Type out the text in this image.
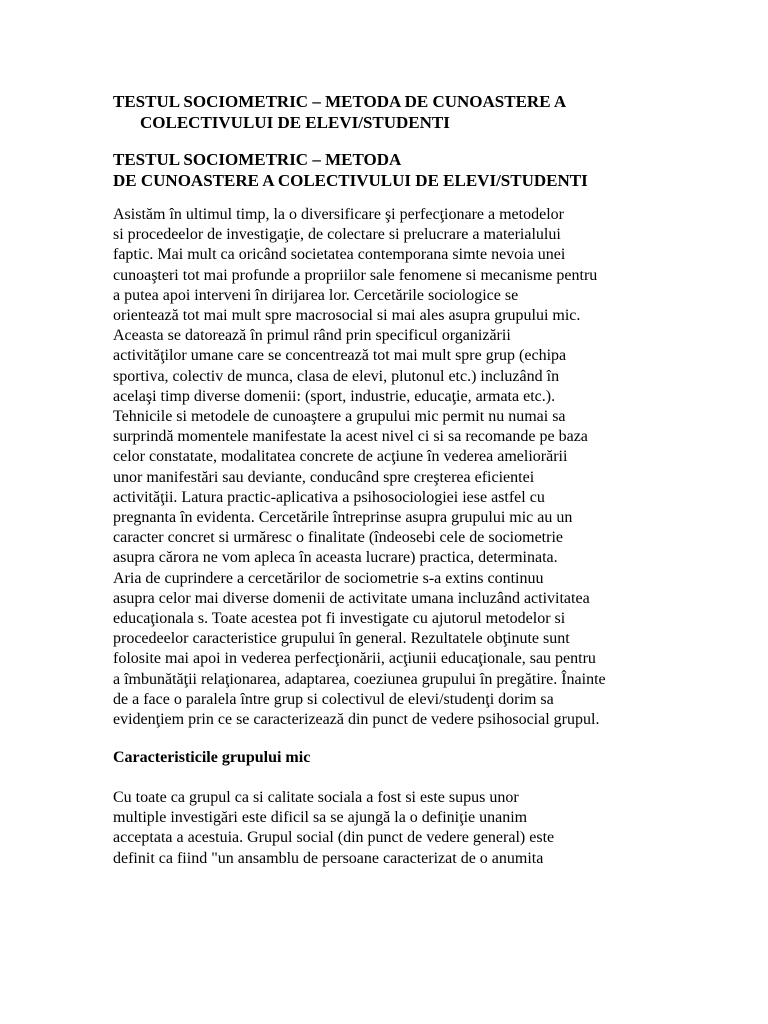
TESTUL SOCIOMETRIC – METODA DE CUNOASTERE A
COLECTIVULUI DE ELEVI/STUDENTI
TESTUL SOCIOMETRIC – METODA
DE CUNOASTERE A COLECTIVULUI DE ELEVI/STUDENTI

Asistăm în ultimul timp, la o diversificare şi perfecţionare a metodelor
si procedeelor de investigaţie, de colectare si prelucrare a materialului
faptic. Mai mult ca oricând societatea contemporana simte nevoia unei
cunoaşteri tot mai profunde a propriilor sale fenomene si mecanisme pentru
a putea apoi interveni în dirijarea lor. Cercetările sociologice se
orientează tot mai mult spre macrosocial si mai ales asupra grupului mic.
Aceasta se datorează în primul rând prin specificul organizării
activităţilor umane care se concentrează tot mai mult spre grup (echipa
sportiva, colectiv de munca, clasa de elevi, plutonul etc.) incluzând în
acelaşi timp diverse domenii: (sport, industrie, educaţie, armata etc.).
Tehnicile si metodele de cunoaştere a grupului mic permit nu numai sa
surprindă momentele manifestate la acest nivel ci si sa recomande pe baza
celor constatate, modalitatea concrete de acţiune în vederea ameliorării
unor manifestări sau deviante, conducând spre creşterea eficientei
activităţii. Latura practic-aplicativa a psihosociologiei iese astfel cu
pregnanta în evidenta. Cercetările întreprinse asupra grupului mic au un
caracter concret si urmăresc o finalitate (îndeosebi cele de sociometrie
asupra cărora ne vom apleca în aceasta lucrare) practica, determinata.
Aria de cuprindere a cercetărilor de sociometrie s-a extins continuu
asupra celor mai diverse domenii de activitate umana incluzând activitatea
educaţionala s. Toate acestea pot fi investigate cu ajutorul metodelor si
procedeelor caracteristice grupului în general. Rezultatele obţinute sunt
folosite mai apoi in vederea perfecţionării, acţiunii educaţionale, sau pentru
a îmbunătăţii relaţionarea, adaptarea, coeziunea grupului în pregătire. Înainte
de a face o paralela între grup si colectivul de elevi/studenţi dorim sa
evidenţiem prin ce se caracterizează din punct de vedere psihosocial grupul.

Caracteristicile grupului mic

Cu toate ca grupul ca si calitate sociala a fost si este supus unor
multiple investigări este dificil sa se ajungă la o definiţie unanim
acceptata a acestuia. Grupul social (din punct de vedere general) este
definit ca fiind "un ansamblu de persoane caracterizat de o anumita
